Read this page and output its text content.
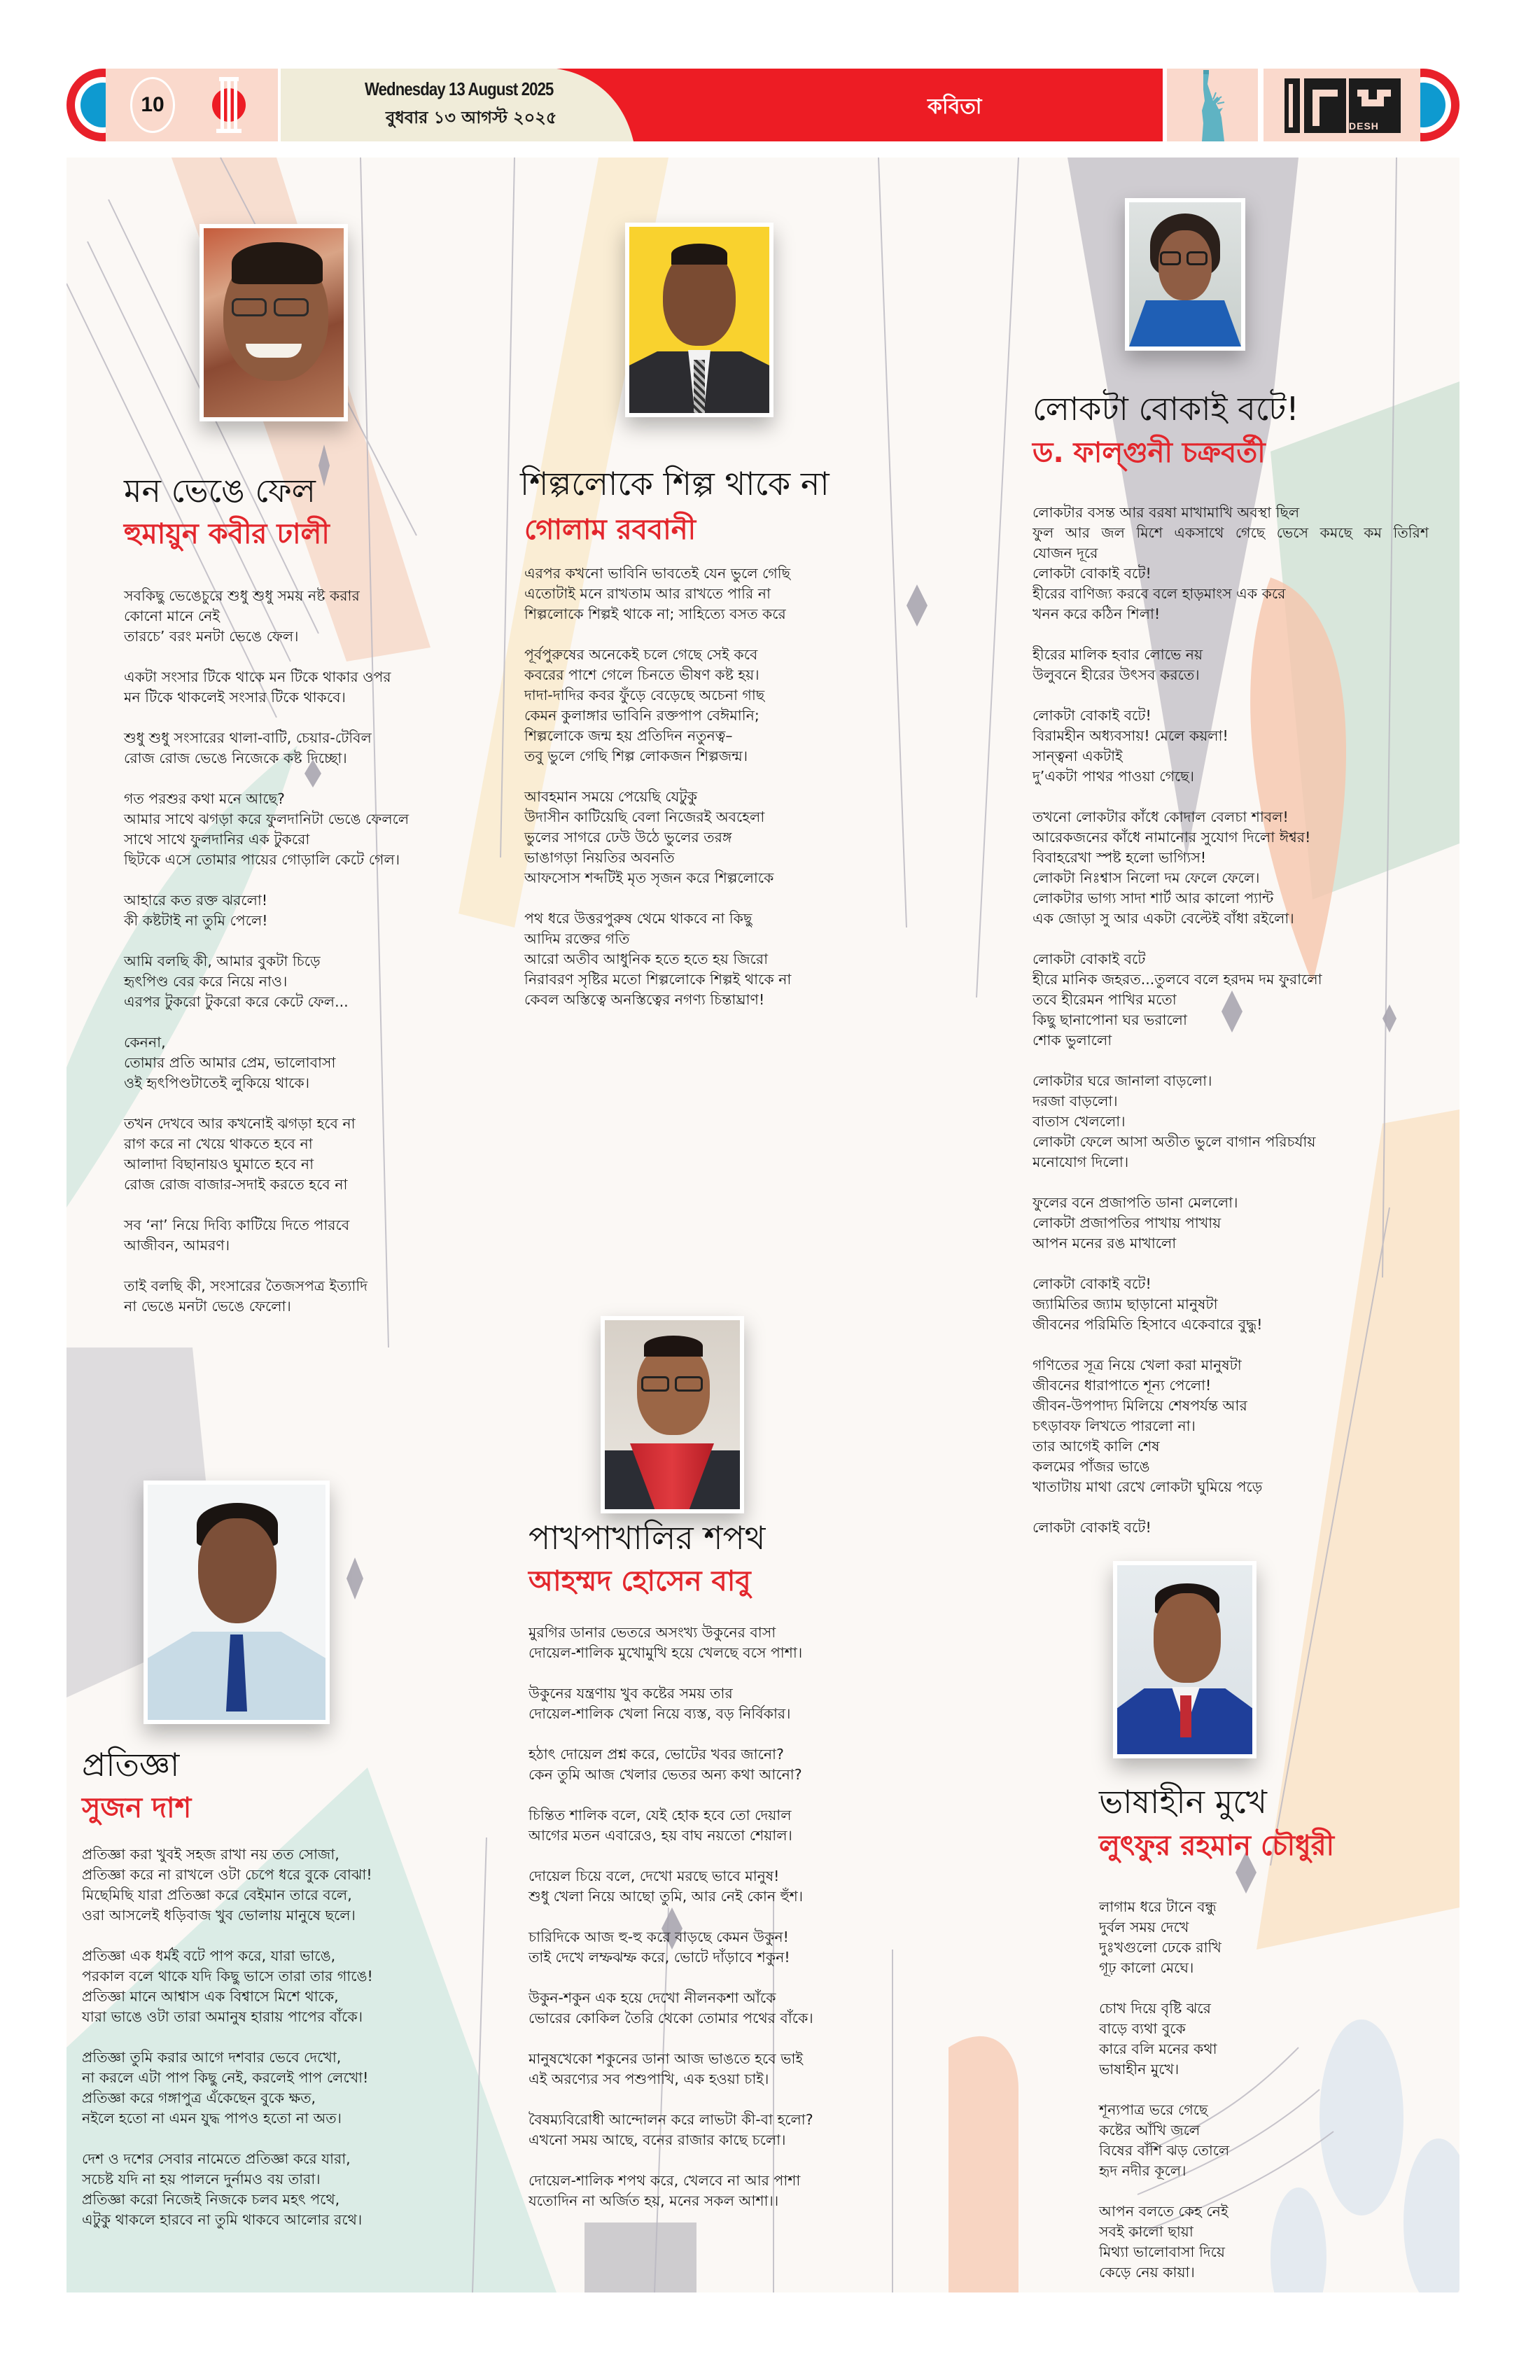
10
Wednesday 13 August 2025
বুধবার ১৩ আগস্ট ২০২৫	কবিতা
DESH
মন ভেঙে ফেল
হুমায়ুন কবীর ঢালী
সবকিছু ভেঙেচুরে শুধু শুধু সময় নষ্ট করার
কোনো মানে নেই
তারচে’ বরং মনটা ভেঙে ফেল।
একটা সংসার টিকে থাকে মন টিকে থাকার ওপর
মন টিকে থাকলেই সংসার টিকে থাকবে।
শুধু শুধু সংসারের থালা-বাটি, চেয়ার-টেবিল
রোজ রোজ ভেঙে নিজেকে কষ্ট দিচ্ছো।
গত পরশুর কথা মনে আছে?
আমার সাথে ঝগড়া করে ফুলদানিটা ভেঙে ফেললে
সাথে সাথে ফুলদানির এক টুকরো
ছিটকে এসে তোমার পায়ের গোড়ালি কেটে গেল।
আহারে কত রক্ত ঝরলো!
কী কষ্টটাই না তুমি পেলে!
আমি বলছি কী, আমার বুকটা চিড়ে
হৃৎপিণ্ড বের করে নিয়ে নাও।
এরপর টুকরো টুকরো করে কেটে ফেল...
কেননা,
তোমার প্রতি আমার প্রেম, ভালোবাসা
ওই হৃৎপিণ্ডটাতেই লুকিয়ে থাকে।
তখন দেখবে আর কখনোই ঝগড়া হবে না
রাগ করে না খেয়ে থাকতে হবে না
আলাদা বিছানায়ও ঘুমাতে হবে না
রোজ রোজ বাজার-সদাই করতে হবে না
সব ‘না’ নিয়ে দিব্যি কাটিয়ে দিতে পারবে
আজীবন, আমরণ।
তাই বলছি কী, সংসারের তৈজসপত্র ইত্যাদি
না ভেঙে মনটা ভেঙে ফেলো।
শিল্পলোকে শিল্প থাকে না
গোলাম রববানী
এরপর কখনো ভাবিনি ভাবতেই যেন ভুলে গেছি
এতোটাই মনে রাখতাম আর রাখতে পারি না
শিল্পলোকে শিল্পই থাকে না; সাহিত্যে বসত করে
পূর্বপুরুষের অনেকেই চলে গেছে সেই কবে
কবরের পাশে গেলে চিনতে ভীষণ কষ্ট হয়।
দাদা-দাদির কবর ফুঁড়ে বেড়েছে অচেনা গাছ
কেমন কুলাঙ্গার ভাবিনি রক্তপাপ বেঈমানি;
শিল্পলোকে জন্ম হয় প্রতিদিন নতুনত্ব–
তবু ভুলে গেছি শিল্প লোকজন শিল্পজন্ম।
আবহমান সময়ে পেয়েছি যেটুকু
উদাসীন কাটিয়েছি বেলা নিজেরই অবহেলা
ভুলের সাগরে ঢেউ উঠে ভুলের তরঙ্গ
ভাঙাগড়া নিয়তির অবনতি
আফসোস শব্দটিই মৃত সৃজন করে শিল্পলোকে
পথ ধরে উত্তরপুরুষ থেমে থাকবে না কিছু
আদিম রক্তের গতি
আরো অতীব আধুনিক হতে হতে হয় জিরো
নিরাবরণ সৃষ্টির মতো শিল্পলোকে শিল্পই থাকে না
কেবল অস্তিত্বে অনস্তিত্বের নগণ্য চিন্তাঘ্রাণ!
লোকটা বোকাই বটে!
ড. ফাল্গুনী চক্রবর্তী
লোকটার বসন্ত আর বরষা মাখামাখি অবস্থা ছিল
ফুল আর জল মিশে একসাথে গেছে ভেসে কমছে কম তিরিশ
যোজন দূরে
লোকটা বোকাই বটে!
হীরের বাণিজ্য করবে বলে হাড়মাংস এক করে
খনন করে কঠিন শিলা!
হীরের মালিক হবার লোভে নয়
উলুবনে হীরের উৎসব করতে।
লোকটা বোকাই বটে!
বিরামহীন অধ্যবসায়! মেলে কয়লা!
সান্ত্বনা একটাই
দু’একটা পাথর পাওয়া গেছে।
তখনো লোকটার কাঁধে কোদাল বেলচা শাবল!
আরেকজনের কাঁধে নামানোর সুযোগ দিলো ঈশ্বর!
বিবাহরেখা স্পষ্ট হলো ভাগ্যিস!
লোকটা নিঃশ্বাস নিলো দম ফেলে ফেলে।
লোকটার ভাগ্য সাদা শার্ট আর কালো প্যান্ট
এক জোড়া সু আর একটা বেল্টেই বাঁধা রইলো।
লোকটা বোকাই বটে
হীরে মানিক জহরত...তুলবে বলে হরদম দম ফুরালো
তবে হীরেমন পাখির মতো
কিছু ছানাপোনা ঘর ভরালো
শোক ভুলালো
লোকটার ঘরে জানালা বাড়লো।
দরজা বাড়লো।
বাতাস খেললো।
লোকটা ফেলে আসা অতীত ভুলে বাগান পরিচর্যায়
মনোযোগ দিলো।
ফুলের বনে প্রজাপতি ডানা মেললো।
লোকটা প্রজাপতির পাখায় পাখায়
আপন মনের রঙ মাখালো
লোকটা বোকাই বটে!
জ্যামিতির জ্যাম ছাড়ানো মানুষটা
জীবনের পরিমিতি হিসাবে একেবারে বুদ্ধু!
গণিতের সূত্র নিয়ে খেলা করা মানুষটা
জীবনের ধারাপাতে শূন্য পেলো!
জীবন-উপপাদ্য মিলিয়ে শেষপর্যন্ত আর
চৎড়াবফ লিখতে পারলো না।
তার আগেই কালি শেষ
কলমের পাঁজর ভাঙে
খাতাটায় মাথা রেখে লোকটা ঘুমিয়ে পড়ে
লোকটা বোকাই বটে!
প্রতিজ্ঞা
সুজন দাশ
প্রতিজ্ঞা করা খুবই সহজ রাখা নয় তত সোজা,
প্রতিজ্ঞা করে না রাখলে ওটা চেপে ধরে বুকে বোঝা!
মিছেমিছি যারা প্রতিজ্ঞা করে বেইমান তারে বলে,
ওরা আসলেই ধড়িবাজ খুব ভোলায় মানুষে ছলে।
প্রতিজ্ঞা এক ধর্মই বটে পাপ করে, যারা ভাঙে,
পরকাল বলে থাকে যদি কিছু ভাসে তারা তার গাঙে!
প্রতিজ্ঞা মানে আশ্বাস এক বিশ্বাসে মিশে থাকে,
যারা ভাঙে ওটা তারা অমানুষ হারায় পাপের বাঁকে।
প্রতিজ্ঞা তুমি করার আগে দশবার ভেবে দেখো,
না করলে এটা পাপ কিছু নেই, করলেই পাপ লেখো!
প্রতিজ্ঞা করে গঙ্গাপুত্র এঁকেছেন বুকে ক্ষত,
নইলে হতো না এমন যুদ্ধ পাপও হতো না অত।
দেশ ও দশের সেবার নামেতে প্রতিজ্ঞা করে যারা,
সচেষ্ট যদি না হয় পালনে দুর্নামও বয় তারা।
প্রতিজ্ঞা করো নিজেই নিজকে চলব মহৎ পথে,
এটুকু থাকলে হারবে না তুমি থাকবে আলোর রথে।
পাখপাখালির শপথ
আহম্মদ হোসেন বাবু
মুরগির ডানার ভেতরে অসংখ্য উকুনের বাসা
দোয়েল-শালিক মুখোমুখি হয়ে খেলছে বসে পাশা।
উকুনের যন্ত্রণায় খুব কষ্টের সময় তার
দোয়েল-শালিক খেলা নিয়ে ব্যস্ত, বড় নির্বিকার।
হঠাৎ দোয়েল প্রশ্ন করে, ভোটের খবর জানো?
কেন তুমি আজ খেলার ভেতর অন্য কথা আনো?
চিন্তিত শালিক বলে, যেই হোক হবে তো দেয়াল
আগের মতন এবারেও, হয় বাঘ নয়তো শেয়াল।
দোয়েল চিয়ে বলে, দেখো মরছে ভাবে মানুষ!
শুধু খেলা নিয়ে আছো তুমি, আর নেই কোন হুঁশ।
চারিদিকে আজ হু-হু করে বাড়ছে কেমন উকুন!
তাই দেখে লম্ফঝম্ফ করে, ভোটে দাঁড়াবে শকুন!
উকুন-শকুন এক হয়ে দেখো নীলনকশা আঁকে
ভোরের কোকিল তৈরি থেকো তোমার পথের বাঁকে।
মানুষখেকো শকুনের ডানা আজ ভাঙতে হবে ভাই
এই অরণ্যের সব পশুপাখি, এক হওয়া চাই।
বৈষম্যবিরোধী আন্দোলন করে লাভটা কী-বা হলো?
এখনো সময় আছে, বনের রাজার কাছে চলো।
দোয়েল-শালিক শপথ করে, খেলবে না আর পাশা
যতোদিন না অর্জিত হয়, মনের সকল আশা।।
ভাষাহীন মুখে
লুৎফুর রহমান চৌধুরী
লাগাম ধরে টানে বন্ধু
দুর্বল সময় দেখে
দুঃখগুলো ঢেকে রাখি
গূঢ় কালো মেঘে।
চোখ দিয়ে বৃষ্টি ঝরে
বাড়ে ব্যথা বুকে
কারে বলি মনের কথা
ভাষাহীন মুখে।
শূন্যপাত্র ভরে গেছে
কষ্টের আঁখি জলে
বিষের বাঁশি ঝড় তোলে
হৃদ নদীর কূলে।
আপন বলতে কেহ নেই
সবই কালো ছায়া
মিথ্যা ভালোবাসা দিয়ে
কেড়ে নেয় কায়া।
